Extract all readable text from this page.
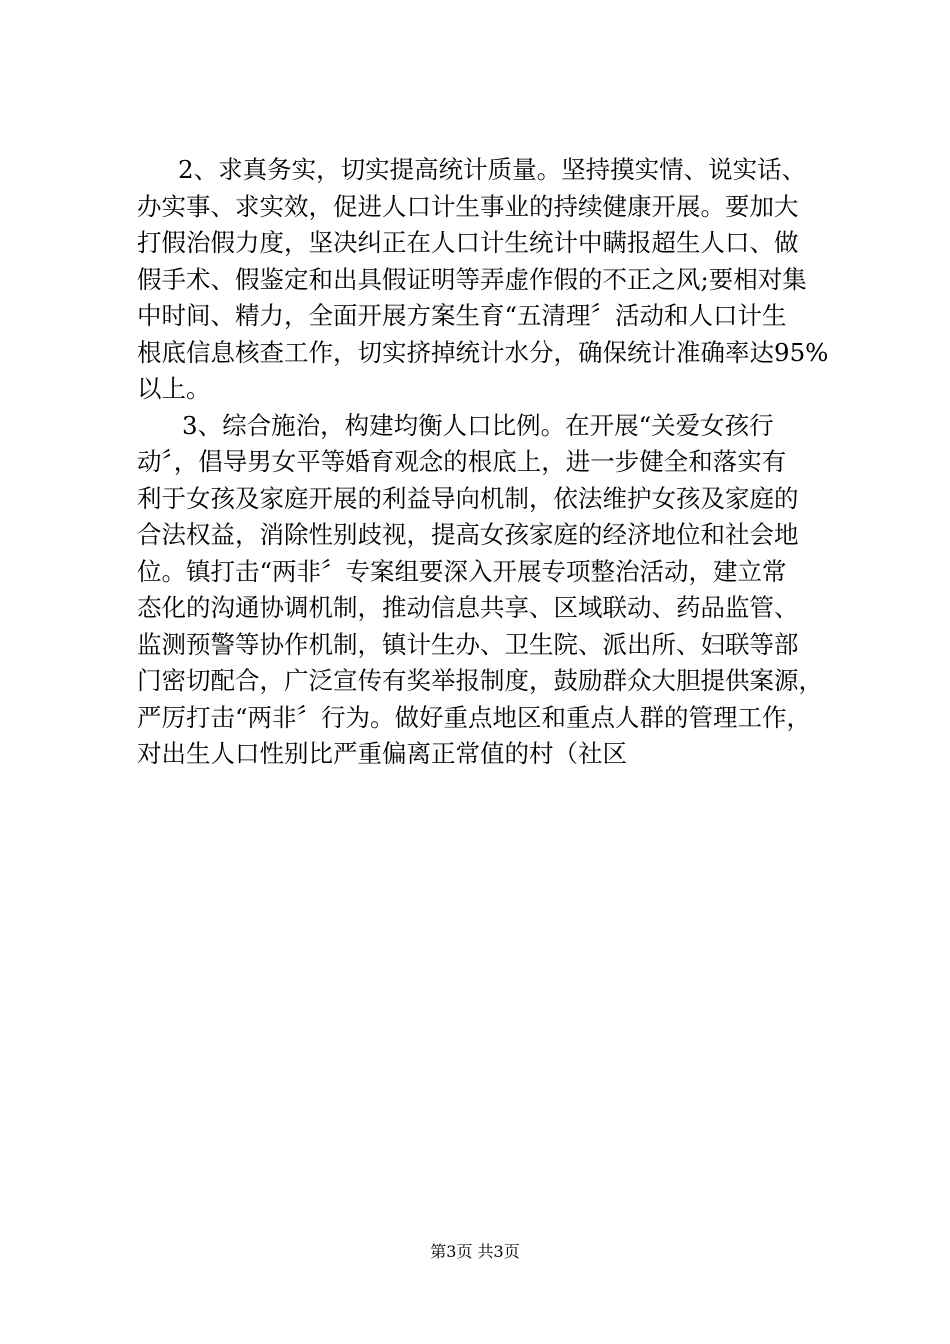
2、求真务实，切实提高统计质量。坚持摸实情、说实话、
办实事、求实效，促进人口计生事业的持续健康开展。要加大
打假治假力度，坚决纠正在人口计生统计中瞒报超生人口、做
假手术、假鉴定和出具假证明等弄虚作假的不正之风;要相对集
中时间、精力，全面开展方案生育“五清理〞活动和人口计生
根底信息核查工作，切实挤掉统计水分，确保统计准确率达95%
以上。
3、综合施治，构建均衡人口比例。在开展“关爱女孩行
动〞，倡导男女平等婚育观念的根底上，进一步健全和落实有
利于女孩及家庭开展的利益导向机制，依法维护女孩及家庭的
合法权益，消除性别歧视，提高女孩家庭的经济地位和社会地
位。镇打击“两非〞专案组要深入开展专项整治活动，建立常
态化的沟通协调机制，推动信息共享、区域联动、药品监管、
监测预警等协作机制，镇计生办、卫生院、派出所、妇联等部
门密切配合，广泛宣传有奖举报制度，鼓励群众大胆提供案源，
严厉打击“两非〞行为。做好重点地区和重点人群的管理工作，
对出生人口性别比严重偏离正常值的村（社区
第3页 共3页
